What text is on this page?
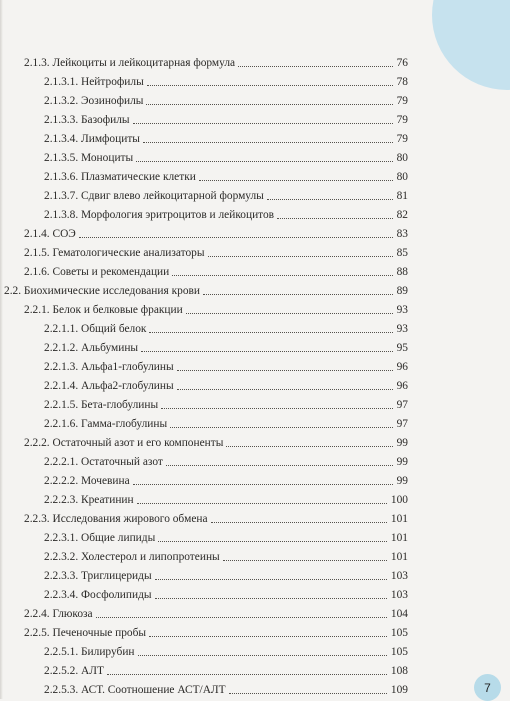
2.1.3. Лейкоциты и лейкоцитарная формула	76
2.1.3.1. Нейтрофилы	78
2.1.3.2. Эозинофилы	79
2.1.3.3. Базофилы	79
2.1.3.4. Лимфоциты	79
2.1.3.5. Моноциты	80
2.1.3.6. Плазматические клетки	80
2.1.3.7. Сдвиг влево лейкоцитарной формулы	81
2.1.3.8. Морфология эритроцитов и лейкоцитов	82
2.1.4. СОЭ	83
2.1.5. Гематологические анализаторы	85
2.1.6. Советы и рекомендации	88
2.2. Биохимические исследования крови	89
2.2.1. Белок и белковые фракции	93
2.2.1.1. Общий белок	93
2.2.1.2. Альбумины	95
2.2.1.3. Альфа1-глобулины	96
2.2.1.4. Альфа2-глобулины	96
2.2.1.5. Бета-глобулины	97
2.2.1.6. Гамма-глобулины	97
2.2.2. Остаточный азот и его компоненты	99
2.2.2.1. Остаточный азот	99
2.2.2.2. Мочевина	99
2.2.2.3. Креатинин	100
2.2.3. Исследования жирового обмена	101
2.2.3.1. Общие липиды	101
2.2.3.2. Холестерол и липопротеины	101
2.2.3.3. Триглицериды	103
2.2.3.4. Фосфолипиды	103
2.2.4. Глюкоза	104
2.2.5. Печеночные пробы	105
2.2.5.1. Билирубин	105
2.2.5.2. АЛТ	108
2.2.5.3. АСТ. Соотношение АСТ/АЛТ	109	7
